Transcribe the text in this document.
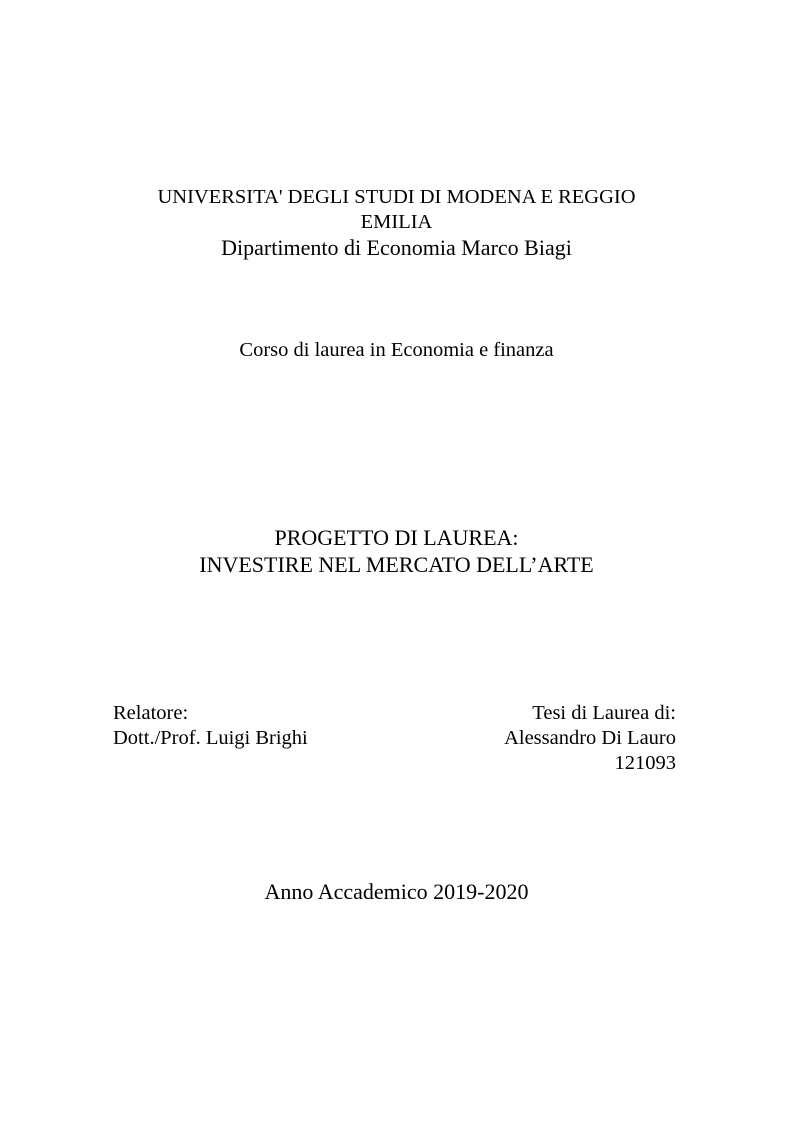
UNIVERSITA' DEGLI STUDI DI MODENA E REGGIO
EMILIA
Dipartimento di Economia Marco Biagi
Corso di laurea in Economia e finanza
PROGETTO DI LAUREA:
INVESTIRE NEL MERCATO DELL’ARTE
Relatore:
Dott./Prof. Luigi Brighi
Tesi di Laurea di:
Alessandro Di Lauro
121093
Anno Accademico 2019-2020
